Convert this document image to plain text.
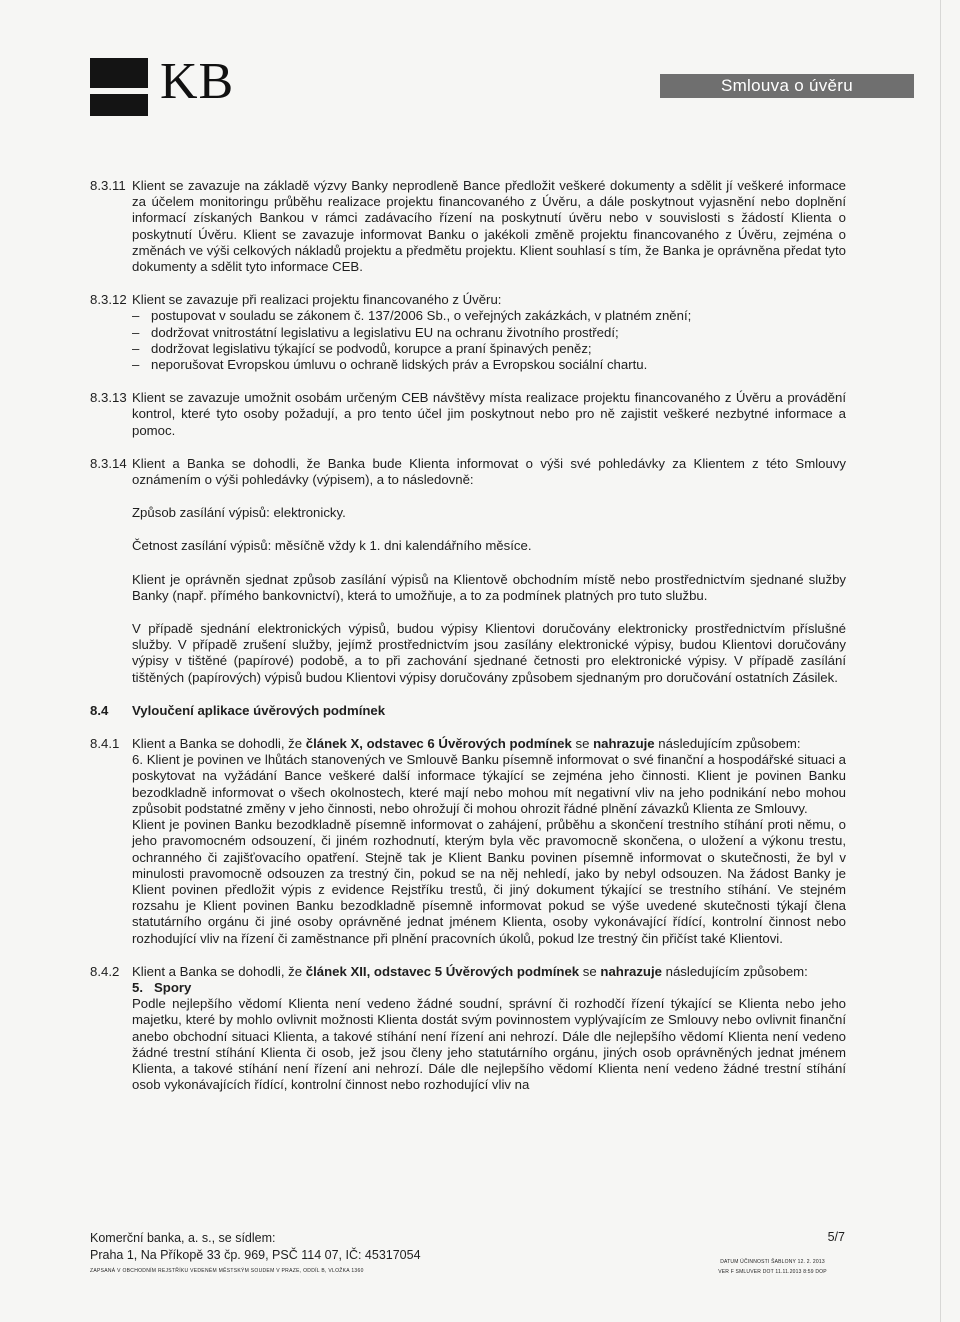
KB	Smlouva o úvěru
8.3.11 Klient se zavazuje na základě výzvy Banky neprodleně Bance předložit veškeré dokumenty a sdělit jí veškeré informace za účelem monitoringu průběhu realizace projektu financovaného z Úvěru, a dále poskytnout vyjasnění nebo doplnění informací získaných Bankou v rámci zadávacího řízení na poskytnutí úvěru nebo v souvislosti s žádostí Klienta o poskytnutí Úvěru. Klient se zavazuje informovat Banku o jakékoli změně projektu financovaného z Úvěru, zejména o změnách ve výši celkových nákladů projektu a předmětu projektu. Klient souhlasí s tím, že Banka je oprávněna předat tyto dokumenty a sdělit tyto informace CEB.
8.3.12 Klient se zavazuje při realizaci projektu financovaného z Úvěru:
– postupovat v souladu se zákonem č. 137/2006 Sb., o veřejných zakázkách, v platném znění;
– dodržovat vnitrostátní legislativu a legislativu EU na ochranu životního prostředí;
– dodržovat legislativu týkající se podvodů, korupce a praní špinavých peněz;
– neporušovat Evropskou úmluvu o ochraně lidských práv a Evropskou sociální chartu.
8.3.13 Klient se zavazuje umožnit osobám určeným CEB návštěvy místa realizace projektu financovaného z Úvěru a provádění kontrol, které tyto osoby požadují, a pro tento účel jim poskytnout nebo pro ně zajistit veškeré nezbytné informace a pomoc.
8.3.14 Klient a Banka se dohodli, že Banka bude Klienta informovat o výši své pohledávky za Klientem z této Smlouvy oznámením o výši pohledávky (výpisem), a to následovně:
Způsob zasílání výpisů: elektronicky.
Četnost zasílání výpisů: měsíčně vždy k 1. dni kalendářního měsíce.
Klient je oprávněn sjednat způsob zasílání výpisů na Klientově obchodním místě nebo prostřednictvím sjednané služby Banky (např. přímého bankovnictví), která to umožňuje, a to za podmínek platných pro tuto službu.
V případě sjednání elektronických výpisů, budou výpisy Klientovi doručovány elektronicky prostřednictvím příslušné služby. V případě zrušení služby, jejímž prostřednictvím jsou zasílány elektronické výpisy, budou Klientovi doručovány výpisy v tištěné (papírové) podobě, a to při zachování sjednané četnosti pro elektronické výpisy. V případě zasílání tištěných (papírových) výpisů budou Klientovi výpisy doručovány způsobem sjednaným pro doručování ostatních Zásilek.
8.4	Vyloučení aplikace úvěrových podmínek
8.4.1 Klient a Banka se dohodli, že článek X, odstavec 6 Úvěrových podmínek se nahrazuje následujícím způsobem:
6. Klient je povinen ve lhůtách stanovených ve Smlouvě Banku písemně informovat o své finanční a hospodářské situaci a poskytovat na vyžádání Bance veškeré další informace týkající se zejména jeho činnosti. Klient je povinen Banku bezodkladně informovat o všech okolnostech, které mají nebo mohou mít negativní vliv na jeho podnikání nebo mohou způsobit podstatné změny v jeho činnosti, nebo ohrožují či mohou ohrozit řádné plnění závazků Klienta ze Smlouvy.
Klient je povinen Banku bezodkladně písemně informovat o zahájení, průběhu a skončení trestního stíhání proti němu, o jeho pravomocném odsouzení, či jiném rozhodnutí, kterým byla věc pravomocně skončena, o uložení a výkonu trestu, ochranného či zajišťovacího opatření. Stejně tak je Klient Banku povinen písemně informovat o skutečnosti, že byl v minulosti pravomocně odsouzen za trestný čin, pokud se na něj nehledí, jako by nebyl odsouzen. Na žádost Banky je Klient povinen předložit výpis z evidence Rejstříku trestů, či jiný dokument týkající se trestního stíhání. Ve stejném rozsahu je Klient povinen Banku bezodkladně písemně informovat pokud se výše uvedené skutečnosti týkají člena statutárního orgánu či jiné osoby oprávněné jednat jménem Klienta, osoby vykonávající řídící, kontrolní činnost nebo rozhodující vliv na řízení či zaměstnance při plnění pracovních úkolů, pokud lze trestný čin přičíst také Klientovi.
8.4.2 Klient a Banka se dohodli, že článek XII, odstavec 5 Úvěrových podmínek se nahrazuje následujícím způsobem:
5.   Spory
Podle nejlepšího vědomí Klienta není vedeno žádné soudní, správní či rozhodčí řízení týkající se Klienta nebo jeho majetku, které by mohlo ovlivnit možnosti Klienta dostát svým povinnostem vyplývajícím ze Smlouvy nebo ovlivnit finanční anebo obchodní situaci Klienta, a takové stíhání není řízení ani nehrozí. Dále dle nejlepšího vědomí Klienta není vedeno žádné trestní stíhání Klienta či osob, jež jsou členy jeho statutárního orgánu, jiných osob oprávněných jednat jménem Klienta, a takové stíhání není řízení ani nehrozí. Dále dle nejlepšího vědomí Klienta není vedeno žádné trestní stíhání osob vykonávajících řídící, kontrolní činnost nebo rozhodující vliv na
Komerční banka, a. s., se sídlem:
Praha 1, Na Příkopě 33 čp. 969, PSČ 114 07, IČ: 45317054
ZAPSANÁ V OBCHODNÍM REJSTŘÍKU VEDENÉM MĚSTSKÝM SOUDEM V PRAZE, ODDÍL B, VLOŽKA 1360
5/7
DATUM ÚČINNOSTI ŠABLONY 12. 2. 2013
VER F SMLUVER DOT 11.11.2013 8:59 DOP
